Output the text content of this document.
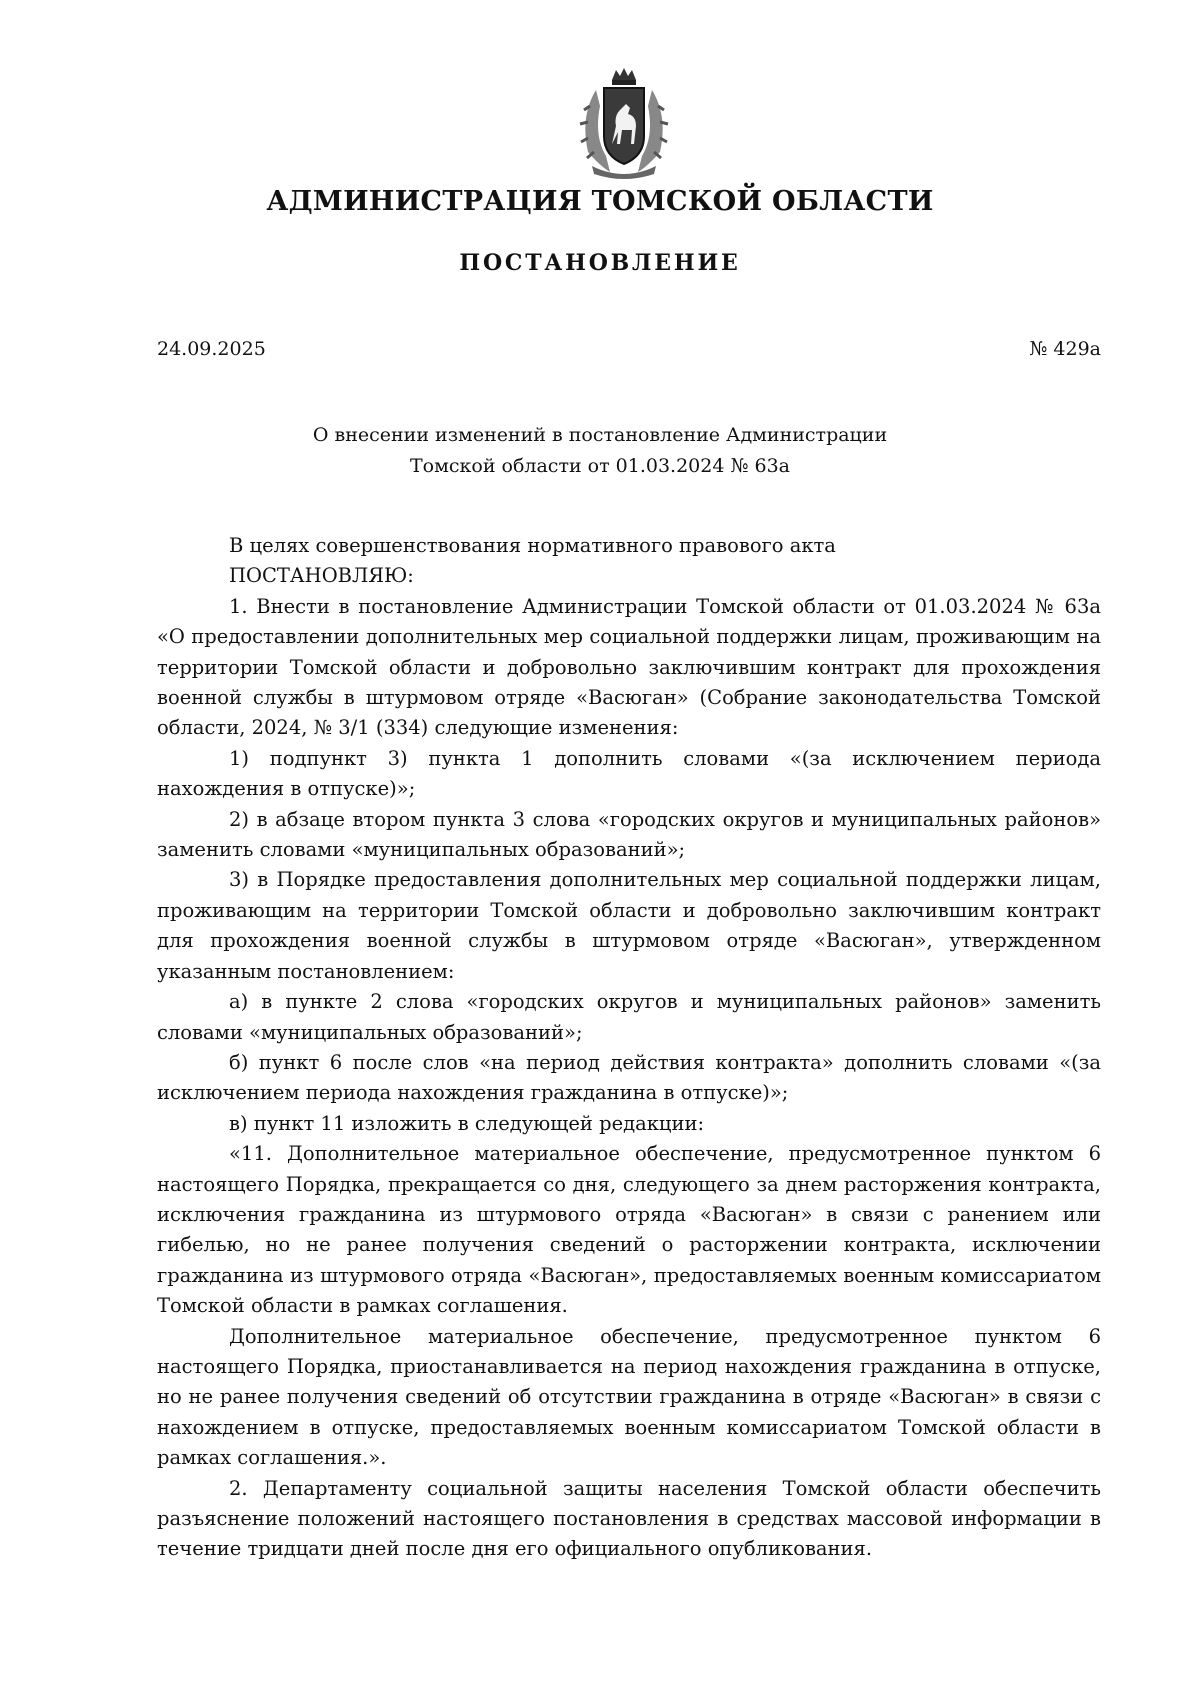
АДМИНИСТРАЦИЯ ТОМСКОЙ ОБЛАСТИ
ПОСТАНОВЛЕНИЕ
24.09.2025	№ 429а
О внесении изменений в постановление Администрации
Томской области от 01.03.2024 № 63а

В целях совершенствования нормативного правового акта

ПОСТАНОВЛЯЮ:

1. Внести в постановление Администрации Томской области от 01.03.2024 № 63а «О предоставлении дополнительных мер социальной поддержки лицам, проживающим на территории Томской области и добровольно заключившим контракт для прохождения военной службы в штурмовом отряде «Васюган» (Собрание законодательства Томской области, 2024, № 3/1 (334) следующие изменения:

1) подпункт 3) пункта 1 дополнить словами «(за исключением периода нахождения в отпуске)»;

2) в абзаце втором пункта 3 слова «городских округов и муниципальных районов» заменить словами «муниципальных образований»;

3) в Порядке предоставления дополнительных мер социальной поддержки лицам, проживающим на территории Томской области и добровольно заключившим контракт для прохождения военной службы в штурмовом отряде «Васюган», утвержденном указанным постановлением:

а) в пункте 2 слова «городских округов и муниципальных районов» заменить словами «муниципальных образований»;

б) пункт 6 после слов «на период действия контракта» дополнить словами «(за исключением периода нахождения гражданина в отпуске)»;

в) пункт 11 изложить в следующей редакции:

«11. Дополнительное материальное обеспечение, предусмотренное пунктом 6 настоящего Порядка, прекращается со дня, следующего за днем расторжения контракта, исключения гражданина из штурмового отряда «Васюган» в связи с ранением или гибелью, но не ранее получения сведений о расторжении контракта, исключении гражданина из штурмового отряда «Васюган», предоставляемых военным комиссариатом Томской области в рамках соглашения.

Дополнительное материальное обеспечение, предусмотренное пунктом 6 настоящего Порядка, приостанавливается на период нахождения гражданина в отпуске, но не ранее получения сведений об отсутствии гражданина в отряде «Васюган» в связи с нахождением в отпуске, предоставляемых военным комиссариатом Томской области в рамках соглашения.».

2. Департаменту социальной защиты населения Томской области обеспечить разъяснение положений настоящего постановления в средствах массовой информации в течение тридцати дней после дня его официального опубликования.
